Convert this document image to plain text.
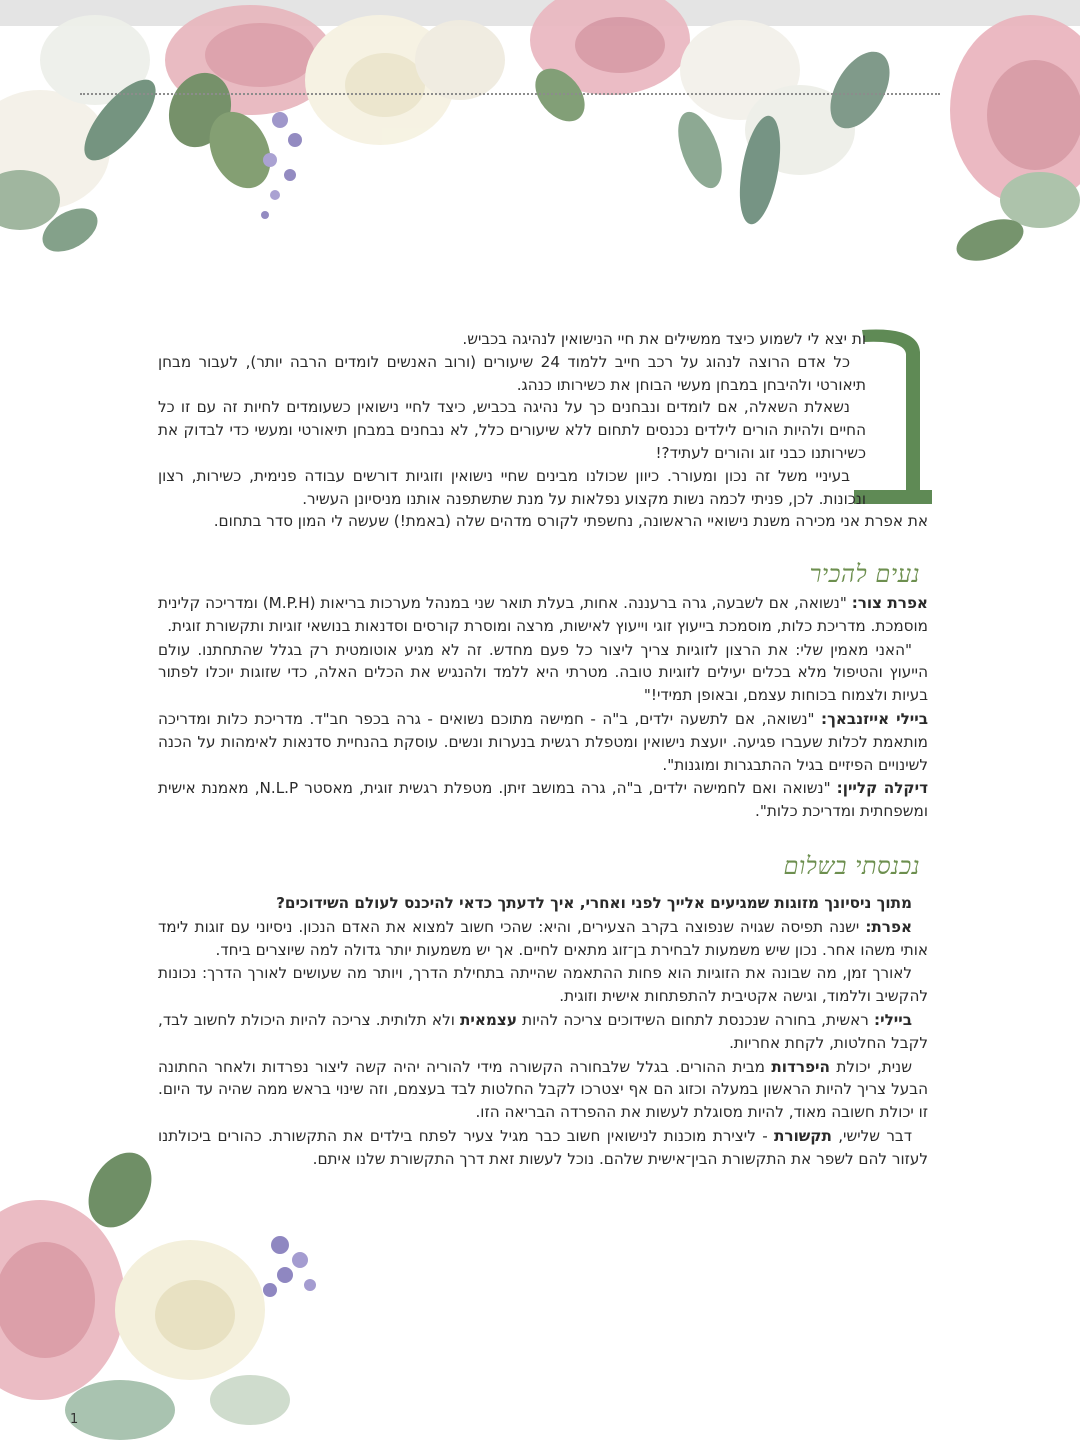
ות יצא לי לשמוע כיצד ממשילים את חיי הנישואין לנהיגה בכביש.

כל אדם הרוצה לנהוג על רכב חייב ללמוד 24 שיעורים (ורוב האנשים לומדים הרבה יותר), לעבור מבחן תיאורטי ולהיבחן במבחן מעשי הבוחן את כשירותו כנהג.

נשאלת השאלה, אם לומדים ונבחנים כך על נהיגה בכביש, כיצד לחיי נישואין כשעומדים לחיות זה עם זו כל החיים ולהיות הורים לילדים נכנסים לתחום ללא שיעורים כלל, לא נבחנים במבחן תיאורטי ומעשי כדי לבדוק את כשירותנו כבני זוג והורים לעתיד?!

בעיניי משל זה נכון ומעורר. כיוון שכולנו מבינים שחיי נישואין וזוגיות דורשים עבודה פנימית, כשירות, רצון ונכונות. לכן, פניתי לכמה נשות מקצוע נפלאות על מנת שתשתפנה אותנו מניסיונן העשיר.

את אפרת אני מכירה משנת נישואיי הראשונה, נחשפתי לקורס מדהים שלה (באמת!) שעשה לי המון סדר בתחום.

נעים להכיר

אפרת צור: "נשואה, אם לשבעה, גרה ברעננה. אחות, בעלת תואר שני במנהל מערכות בריאות (M.P.H) ומדריכה קלינית מוסמכת. מדריכת כלות, מוסמכת בייעוץ זוגי וייעוץ לאישות, מרצה ומוסרת קורסים וסדנאות בנושאי זוגיות ותקשורת זוגית.

"האני מאמין שלי: את הרצון לזוגיות צריך ליצור כל פעם מחדש. זה לא מגיע אוטומטית רק בגלל שהתחתנו. עולם הייעוץ והטיפול מלא בכלים יעילים לזוגיות טובה. מטרתי היא ללמד ולהנגיש את הכלים האלה, כדי שזוגות יוכלו לפתור בעיות ולצמוח בכוחות עצמם, ובאופן תמידי!"

ביילי אייזנבאך: "נשואה, אם לתשעה ילדים, ב"ה - חמישה מתוכם נשואים - גרה בכפר חב"ד. מדריכת כלות ומדריכה מותאמת לכלות שעברו פגיעה. יועצת נישואין ומטפלת רגשית בנערות ונשים. עוסקת בהנחיית סדנאות לאימהות על הכנה לשינויים הפיזיים בגיל ההתבגרות ומוגנות".

דיקלה קליין: "נשואה ואם לחמישה ילדים, ב"ה, גרה במושב זיתן. מטפלת רגשית זוגית, מאסטר N.L.P, מאמנת אישית ומשפחתית ומדריכת כלות".

נכנסתי בשלום

מתוך ניסיונך מזוגות שמגיעים אלייך לפני ואחרי, איך לדעתך כדאי להיכנס לעולם השידוכים?

אפרת: ישנה תפיסה שגויה שנפוצה בקרב הצעירים, והיא: שהכי חשוב למצוא את האדם הנכון. ניסיוני עם זוגות לימד אותי משהו אחר. נכון שיש משמעות לבחירת בן־זוג מתאים לחיים. אך יש משמעות יותר גדולה למה שיוצרים ביחד.

לאורך זמן, מה שבונה את הזוגיות הוא פחות ההתאמה שהייתה בתחילת הדרך, ויותר מה שעושים לאורך הדרך: נכונות להקשיב וללמוד, וגישה אקטיבית להתפתחות אישית וזוגית.

ביילי: ראשית, בחורה שנכנסת לתחום השידוכים צריכה להיות עצמאית ולא תלותית. צריכה להיות היכולת לחשוב לבד, לקבל החלטות, לקחת אחריות.

שנית, יכולת היפרדות מבית ההורים. בגלל שלבחורה הקשורה מידי להוריה יהיה קשה ליצור נפרדות ולאחר החתונה הבעל צריך להיות הראשון במעלה וכזוג הם אף יצטרכו לקבל החלטות לבד בעצמם, וזה שינוי בראש ממה שהיה עד היום. זו יכולת חשובה מאוד, להיות מסוגלת לעשות את ההפרדה הבריאה הזו.

דבר שלישי, תקשורת - ליצירת מוכנות לנישואין חשוב כבר מגיל צעיר לפתח בילדים את התקשורת. כהורים ביכולתנו לעזור להם לשפר את התקשורת הבין־אישית שלהם. נוכל לעשות זאת דרך התקשורת שלנו איתם.

1
